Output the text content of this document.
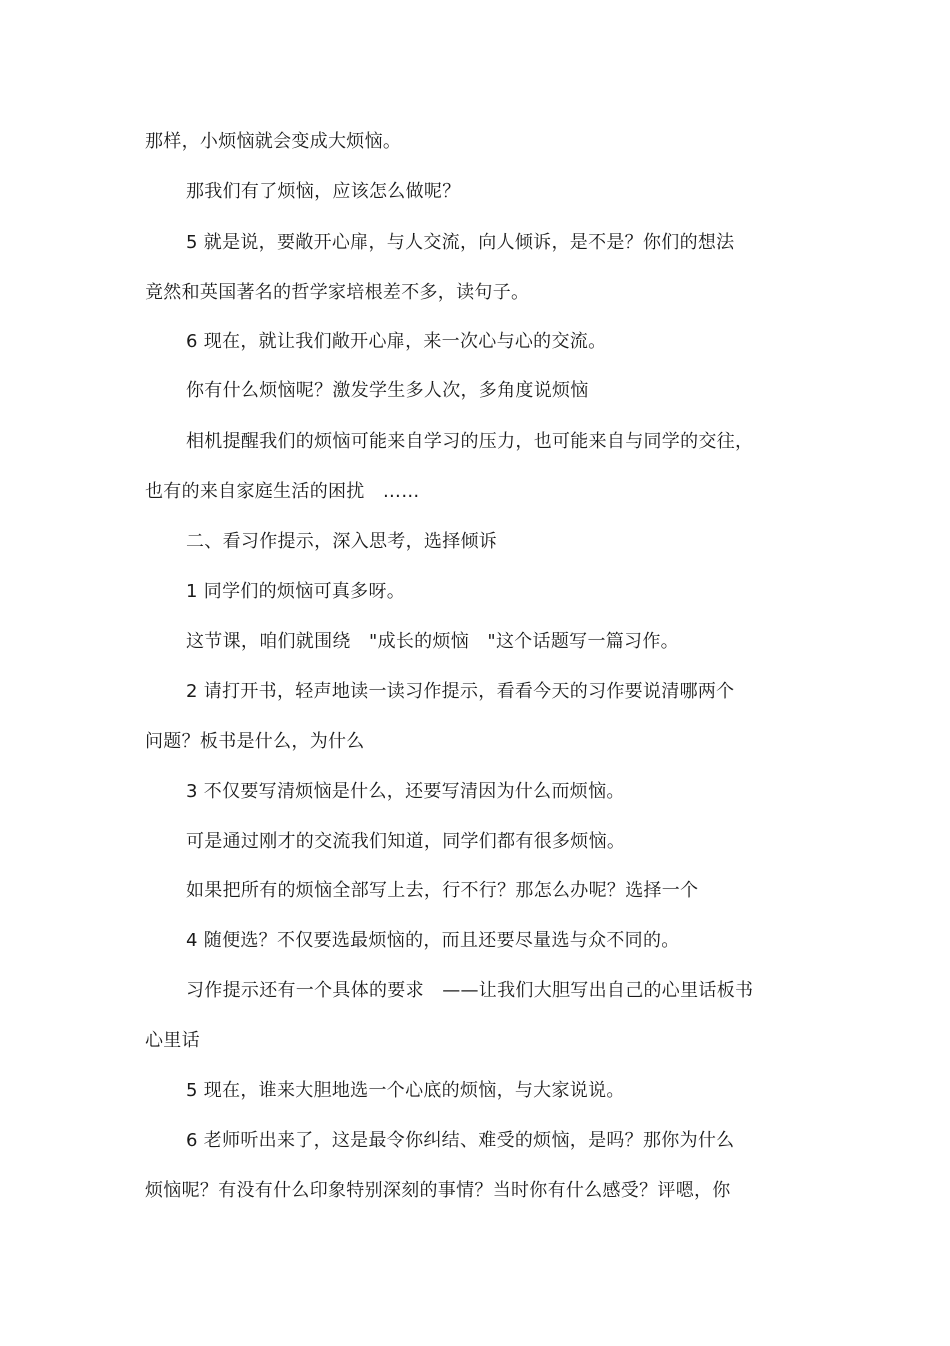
那样，小烦恼就会变成大烦恼。
那我们有了烦恼，应该怎么做呢？
5 就是说，要敞开心扉，与人交流，向人倾诉，是不是？你们的想法
竟然和英国著名的哲学家培根差不多，读句子。
6 现在，就让我们敞开心扉，来一次心与心的交流。
你有什么烦恼呢？激发学生多人次，多角度说烦恼
相机提醒我们的烦恼可能来自学习的压力，也可能来自与同学的交往，
也有的来自家庭生活的困扰　……
二、看习作提示，深入思考，选择倾诉
1 同学们的烦恼可真多呀。
这节课，咱们就围绕　"成长的烦恼　"这个话题写一篇习作。
2 请打开书，轻声地读一读习作提示，看看今天的习作要说清哪两个
问题？板书是什么，为什么
3 不仅要写清烦恼是什么，还要写清因为什么而烦恼。
可是通过刚才的交流我们知道，同学们都有很多烦恼。
如果把所有的烦恼全部写上去，行不行？那怎么办呢？选择一个
4 随便选？不仅要选最烦恼的，而且还要尽量选与众不同的。
习作提示还有一个具体的要求　——让我们大胆写出自己的心里话板书
心里话
5 现在，谁来大胆地选一个心底的烦恼，与大家说说。
6 老师听出来了，这是最令你纠结、难受的烦恼，是吗？那你为什么
烦恼呢？有没有什么印象特别深刻的事情？当时你有什么感受？评嗯，你
